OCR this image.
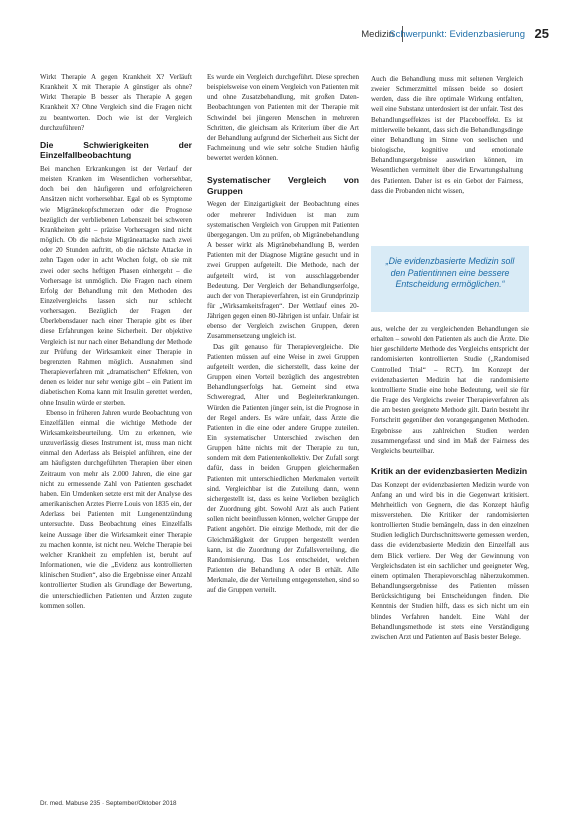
Medizin
Schwerpunkt: Evidenzbasierung 25

Wirkt Therapie A gegen Krankheit X? Verläuft Krankheit X mit Therapie A günstiger als ohne? Wirkt Therapie B besser als Therapie A gegen Krankheit X? Ohne Vergleich sind die Fragen nicht zu beantworten. Doch wie ist der Vergleich durchzuführen?

Die Schwierigkeiten der Einzelfallbeobachtung

Bei manchen Erkrankungen ist der Verlauf der meisten Kranken im Wesentlichen vorhersehbar, doch bei den häufigeren und erfolgreicheren Ansätzen nicht vorhersehbar. Egal ob es Symptome wie Migränekopfschmerzen oder die Prognose bezüglich der verbliebenen Lebenszeit bei schweren Krankheiten geht – präzise Vorhersagen sind nicht möglich. Ob die nächste Migräneattacke nach zwei oder 20 Stunden auftritt, ob die nächste Attacke in zehn Tagen oder in acht Wochen folgt, ob sie mit zwei oder sechs heftigen Phasen einhergeht – die Vorhersage ist unmöglich. Die Fragen nach einem Erfolg der Behandlung mit den Methoden des Einzelvergleichs lassen sich nur schlecht vorhersagen. Bezüglich der Fragen der Überlebensdauer nach einer Therapie gibt es über diese Erfahrungen keine Sicherheit. Der objektive Vergleich ist nur nach einer Behandlung der Methode zur Prüfung der Wirksamkeit einer Therapie in begrenzten Rahmen möglich. Ausnahmen sind Therapieverfahren mit „dramatischen“ Effekten, von denen es leider nur sehr wenige gibt – ein Patient im diabetischen Koma kann mit Insulin gerettet werden, ohne Insulin würde er sterben.

Ebenso in früheren Jahren wurde Beobachtung von Einzelfällen einmal die wichtige Methode der Wirksamkeitsbeurteilung. Um zu erkennen, wie unzuverlässig dieses Instrument ist, muss man nicht einmal den Aderlass als Beispiel anführen, eine der am häufigsten durchgeführten Therapien über einen Zeitraum von mehr als 2.000 Jahren, die eine gar nicht zu ermessende Zahl von Patienten geschadet haben. Ein Umdenken setzte erst mit der Analyse des amerikanischen Arztes Pierre Louis von 1835 ein, der Aderlass bei Patienten mit Lungenentzündung untersuchte. Dass Beobachtung eines Einzelfalls keine Aussage über die Wirksamkeit einer Therapie zu machen konnte, ist nicht neu. Welche Therapie bei welcher Krankheit zu empfehlen ist, beruht auf Informationen, wie die „Evidenz aus kontrollierten klinischen Studien“, also die Ergebnisse einer Anzahl kontrollierter Studien als Grundlage der Bewertung, die unterschiedlichen Patienten und Ärzten zugute kommen sollen.

Es wurde ein Vergleich durchgeführt. Diese sprechen beispielsweise von einem Vergleich von Patienten mit und ohne Zusatzbehandlung, mit großen Daten-Beobachtungen von Patienten mit der Therapie mit Schwindel bei jüngeren Menschen in mehreren Schritten, die gleichsam als Kriterium über die Art der Behandlung aufgrund der Sicherheit aus Sicht der Fachmeinung und wie sehr solche Studien häufig bewertet werden können.

Systematischer Vergleich von Gruppen

Wegen der Einzigartigkeit der Beobachtung eines oder mehrerer Individuen ist man zum systematischen Vergleich von Gruppen mit Patienten übergegangen. Um zu prüfen, ob Migränebehandlung A besser wirkt als Migränebehandlung B, werden Patienten mit der Diagnose Migräne gesucht und in zwei Gruppen aufgeteilt. Die Methode, nach der aufgeteilt wird, ist von ausschlaggebender Bedeutung. Der Vergleich der Behandlungserfolge, auch der von Therapieverfahren, ist ein Grundprinzip für „Wirksamkeitsfragen“. Der Wettlauf eines 20-Jährigen gegen einen 80-Jährigen ist unfair. Unfair ist ebenso der Vergleich zwischen Gruppen, deren Zusammensetzung ungleich ist.

Das gilt genauso für Therapievergleiche. Die Patienten müssen auf eine Weise in zwei Gruppen aufgeteilt werden, die sicherstellt, dass keine der Gruppen einen Vorteil bezüglich des angestrebten Behandlungserfolgs hat. Gemeint sind etwa Schweregrad, Alter und Begleiterkrankungen. Würden die Patienten jünger sein, ist die Prognose in der Regel anders. Es wäre unfair, dass Ärzte die Patienten in die eine oder andere Gruppe zuteilen. Ein systematischer Unterschied zwischen den Gruppen hätte nichts mit der Therapie zu tun, sondern mit dem Patientenkollektiv. Der Zufall sorgt dafür, dass in beiden Gruppen gleichermaßen Patienten mit unterschiedlichen Merkmalen verteilt sind. Vergleichbar ist die Zuteilung dann, wenn sichergestellt ist, dass es keine Vorlieben bezüglich der Zuordnung gibt. Sowohl Arzt als auch Patient sollen nicht beeinflussen können, welcher Gruppe der Patient angehört. Die einzige Methode, mit der die Gleichmäßigkeit der Gruppen hergestellt werden kann, ist die Zuordnung der Zufallsverteilung, die Randomisierung. Das Los entscheidet, welchen Patienten die Behandlung A oder B erhält. Alle Merkmale, die der Verteilung entgegenstehen, sind so auf die Gruppen verteilt.

Auch die Behandlung muss mit seltenen Vergleich zweier Schmerzmittel müssen beide so dosiert werden, dass die ihre optimale Wirkung entfalten, weil eine Substanz unterdosiert ist der unfair. Test des Behandlungseffektes ist der Placeboeffekt. Es ist mittlerweile bekannt, dass sich die Behandlungsdinge einer Behandlung im Sinne von seelischen und biologische, kognitive und emotionale Behandlungsergebnisse auswirken können, im Wesentlichen vermittelt über die Erwartungshaltung des Patienten. Daher ist es ein Gebot der Fairness, dass die Probanden nicht wissen,

„Die evidenzbasierte Medizin soll den Patientinnen eine bessere Entscheidung ermöglichen.“

aus, welche der zu vergleichenden Behandlungen sie erhalten – sowohl den Patienten als auch die Ärzte. Die hier geschilderte Methode des Vergleichs entspricht der randomisierten kontrollierten Studie („Randomised Controlled Trial“ – RCT). Im Konzept der evidenzbasierten Medizin hat die randomisierte kontrollierte Studie eine hohe Bedeutung, weil sie für die Frage des Vergleichs zweier Therapieverfahren als die am besten geeignete Methode gilt. Darin besteht ihr Fortschritt gegenüber den vorangegangenen Methoden. Ergebnisse aus zahlreichen Studien werden zusammengefasst und sind im Maß der Fairness des Vergleichs beurteilbar.

Kritik an der evidenzbasierten Medizin

Das Konzept der evidenzbasierten Medizin wurde von Anfang an und wird bis in die Gegenwart kritisiert. Mehrheitlich von Gegnern, die das Konzept häufig missverstehen. Die Kritiker der randomisierten kontrollierten Studie bemängeln, dass in den einzelnen Studien lediglich Durchschnittswerte gemessen werden, dass die evidenzbasierte Medizin den Einzelfall aus dem Blick verliere. Der Weg der Gewinnung von Vergleichsdaten ist ein sachlicher und geeigneter Weg, einem optimalen Therapievorschlag näherzukommen. Behandlungsergebnisse des Patienten müssen Berücksichtigung bei Entscheidungen finden. Die Kenntnis der Studien hilft, dass es sich nicht um ein blindes Verfahren handelt. Eine Wahl der Behandlungsmethode ist stets eine Verständigung zwischen Arzt und Patienten auf Basis bester Belege.

Dr. med. Mabuse 235 · September/Oktober 2018
